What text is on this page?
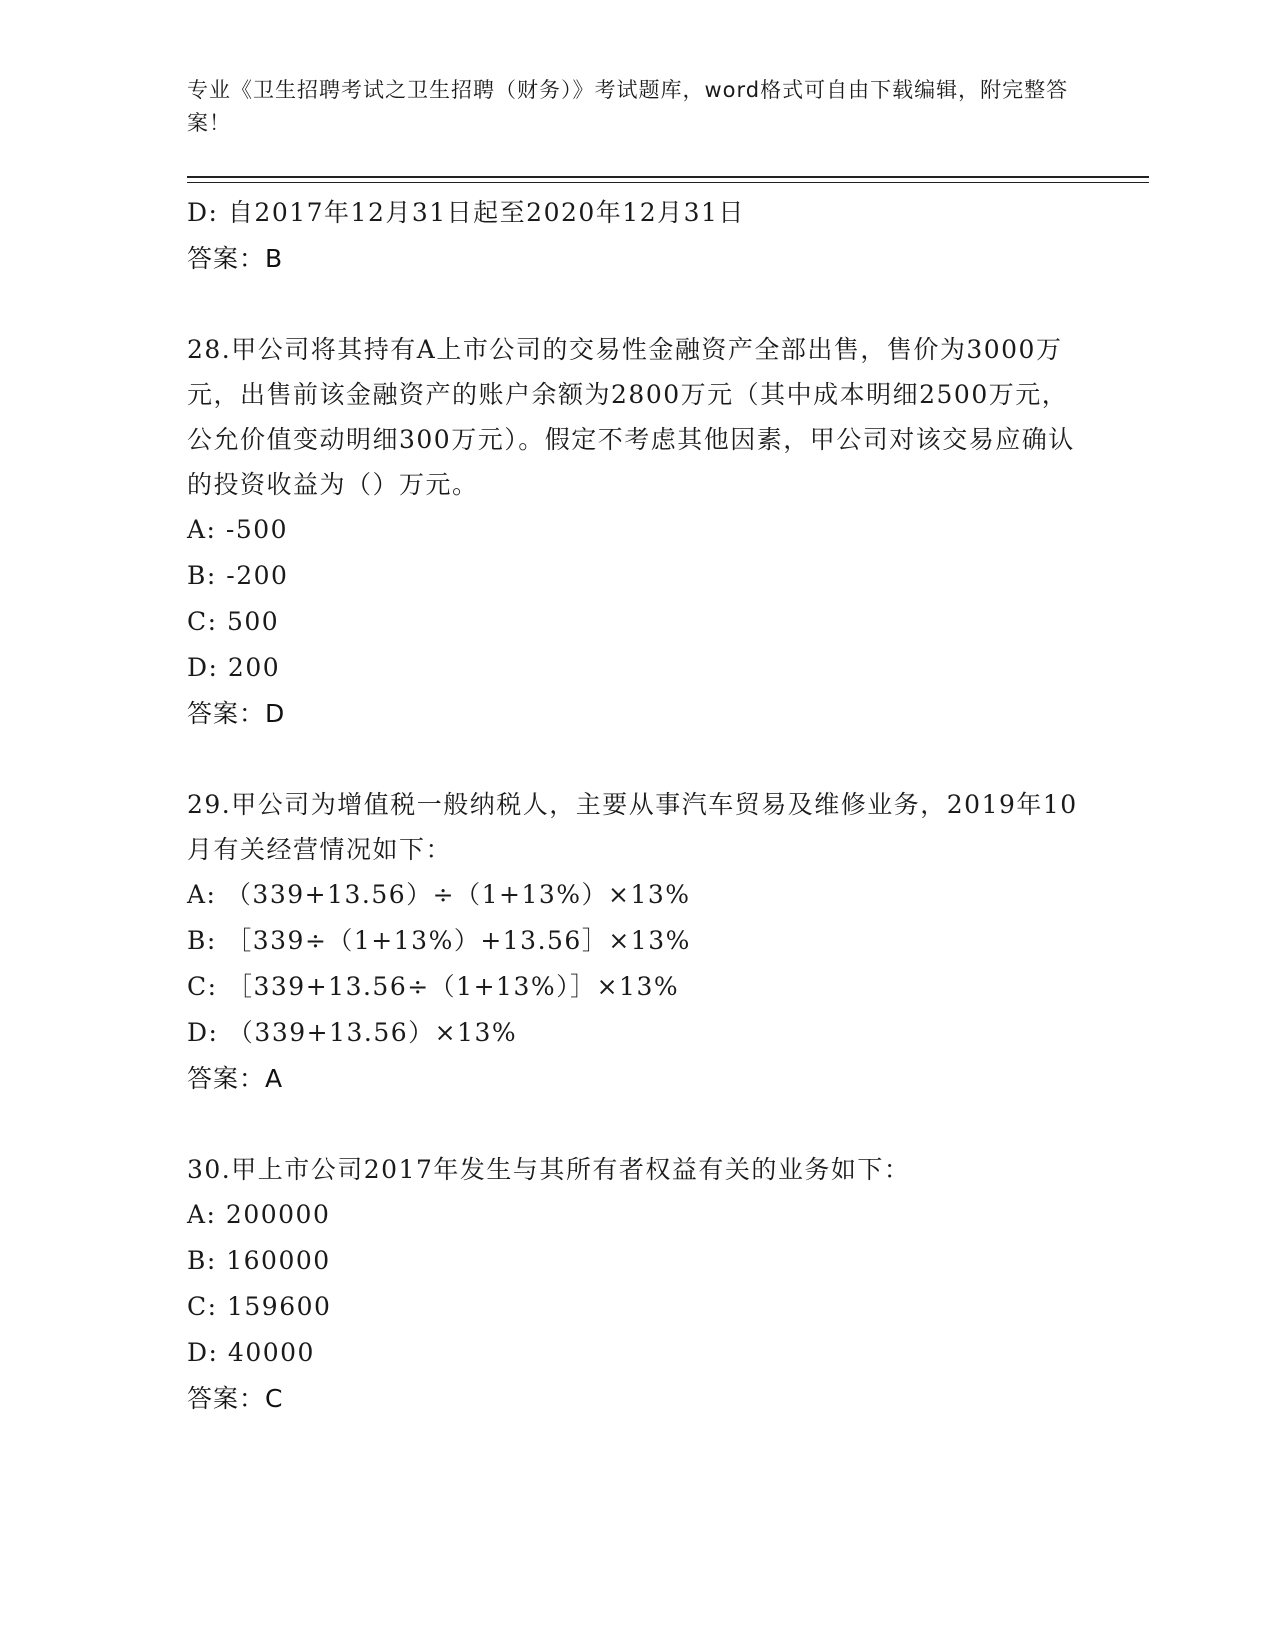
专业《卫生招聘考试之卫生招聘（财务）》考试题库，word格式可自由下载编辑，附完整答案！
D: 自2017年12月31日起至2020年12月31日
答案：B
28.甲公司将其持有A上市公司的交易性金融资产全部出售，售价为3000万元，出售前该金融资产的账户余额为2800万元（其中成本明细2500万元，公允价值变动明细300万元）。假定不考虑其他因素，甲公司对该交易应确认的投资收益为（）万元。
A: -500
B: -200
C: 500
D: 200
答案：D
29.甲公司为增值税一般纳税人，主要从事汽车贸易及维修业务，2019年10月有关经营情况如下：
A: （339+13.56）÷（1+13%）×13%
B: ［339÷（1+13%）+13.56］×13%
C: ［339+13.56÷（1+13%）］×13%
D: （339+13.56）×13%
答案：A
30.甲上市公司2017年发生与其所有者权益有关的业务如下：
A: 200000
B: 160000
C: 159600
D: 40000
答案：C
